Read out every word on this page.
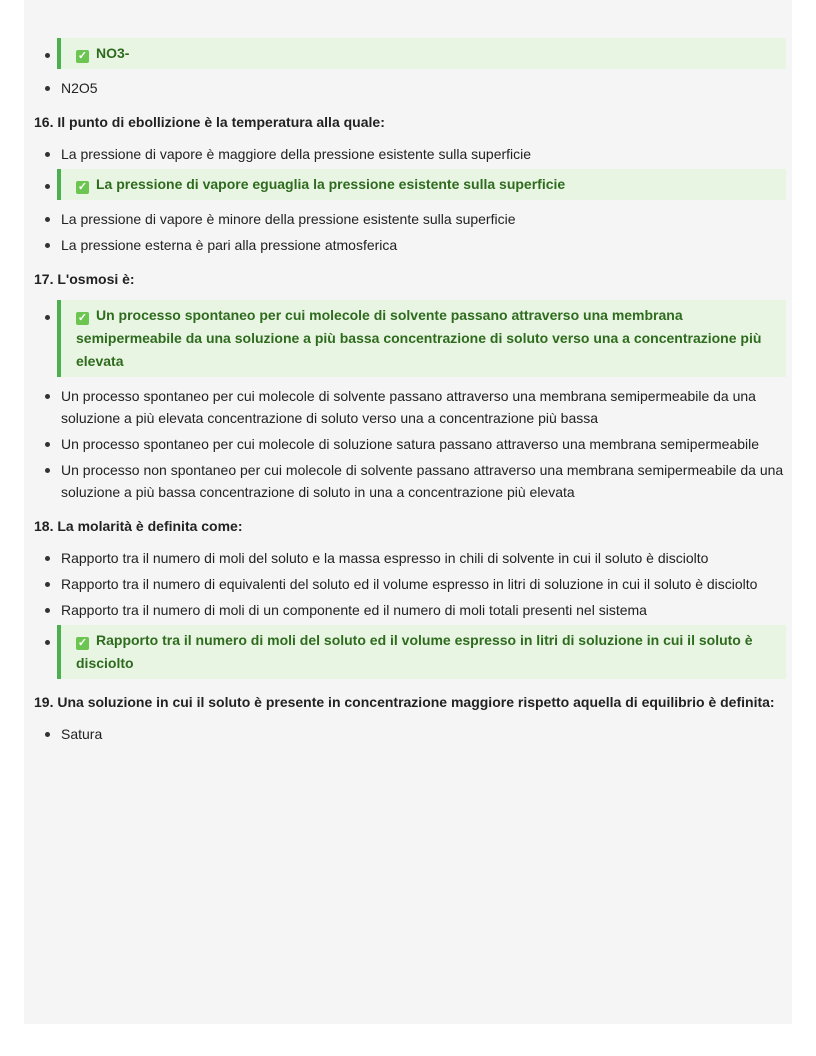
✓ NO3-
N2O5
16. Il punto di ebollizione è la temperatura alla quale:
La pressione di vapore è maggiore della pressione esistente sulla superficie
✓ La pressione di vapore eguaglia la pressione esistente sulla superficie
La pressione di vapore è minore della pressione esistente sulla superficie
La pressione esterna è pari alla pressione atmosferica
17. L'osmosi è:
✓ Un processo spontaneo per cui molecole di solvente passano attraverso una membrana semipermeabile da una soluzione a più bassa concentrazione di soluto verso una a concentrazione più elevata
Un processo spontaneo per cui molecole di solvente passano attraverso una membrana semipermeabile da una soluzione a più elevata concentrazione di soluto verso una a concentrazione più bassa
Un processo spontaneo per cui molecole di soluzione satura passano attraverso una membrana semipermeabile
Un processo non spontaneo per cui molecole di solvente passano attraverso una membrana semipermeabile da una soluzione a più bassa concentrazione di soluto in una a concentrazione più elevata
18. La molarità è definita come:
Rapporto tra il numero di moli del soluto e la massa espresso in chili di solvente in cui il soluto è disciolto
Rapporto tra il numero di equivalenti del soluto ed il volume espresso in litri di soluzione in cui il soluto è disciolto
Rapporto tra il numero di moli di un componente ed il numero di moli totali presenti nel sistema
✓ Rapporto tra il numero di moli del soluto ed il volume espresso in litri di soluzione in cui il soluto è disciolto
19. Una soluzione in cui il soluto è presente in concentrazione maggiore rispetto aquella di equilibrio è definita:
Satura
